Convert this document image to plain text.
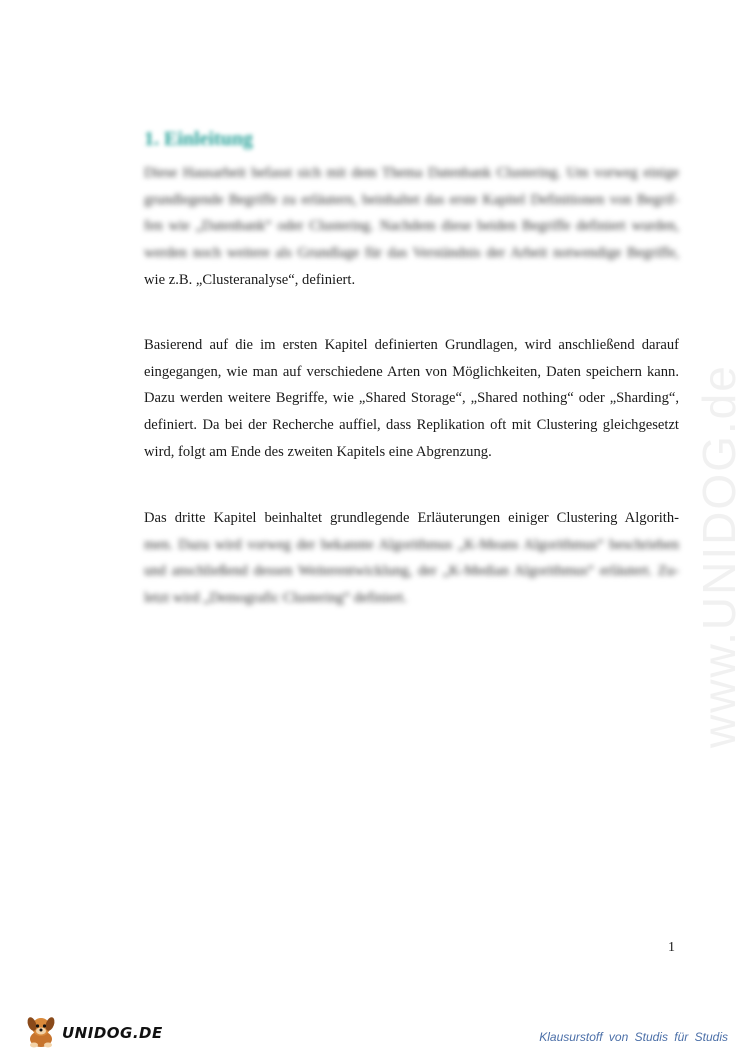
www.UNIDOG.de
1. Einleitung
Diese Hausarbeit befasst sich mit dem Thema Datenbank Clustering. Um vorweg einige
grundlegende Begriffe zu erläutern, beinhaltet das erste Kapitel Definitionen von Begrif-
fen wie „Datenbank“ oder Clustering. Nachdem diese beiden Begriffe definiert wurden,
werden noch weitere als Grundlage für das Verständnis der Arbeit notwendige Begriffe,
wie z.B. „Clusteranalyse“, definiert.
Basierend auf die im ersten Kapitel definierten Grundlagen, wird anschließend darauf
eingegangen, wie man auf verschiedene Arten von Möglichkeiten, Daten speichern kann.
Dazu werden weitere Begriffe, wie „Shared Storage“, „Shared nothing“ oder „Sharding“,
definiert. Da bei der Recherche auffiel, dass Replikation oft mit Clustering gleichgesetzt
wird, folgt am Ende des zweiten Kapitels eine Abgrenzung.
Das dritte Kapitel beinhaltet grundlegende Erläuterungen einiger Clustering Algorith-
men. Dazu wird vorweg der bekannte Algorithmus „K-Means Algorithmus“ beschrieben
und anschließend dessen Weiterentwicklung, der „K-Median Algorithmus“ erläutert. Zu-
letzt wird „Demografic Clustering“ definiert.
1
UNIDOG.DE	Klausurstoff von Studis für Studis
